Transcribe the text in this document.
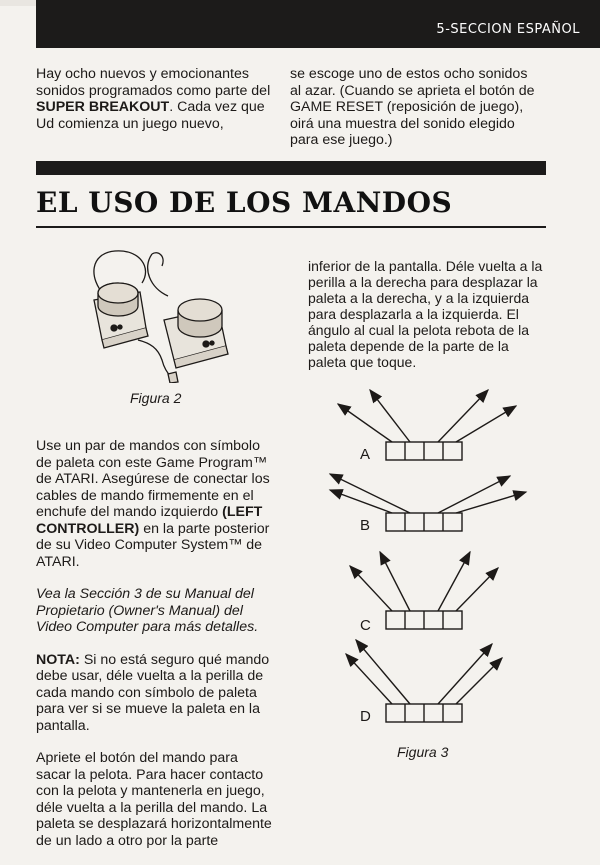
5-SECCION ESPAÑOL

Hay ocho nuevos y emocionantes sonidos programados como parte del SUPER BREAKOUT. Cada vez que Ud comienza un juego nuevo,

se escoge uno de estos ocho sonidos al azar. (Cuando se aprieta el botón de GAME RESET (reposición de juego), oirá una muestra del sonido elegido para ese juego.)

EL USO DE LOS MANDOS
Figura 2

inferior de la pantalla. Déle vuelta a la perilla a la derecha para desplazar la paleta a la derecha, y a la izquierda para desplazarla a la izquierda. El ángulo al cual la pelota rebota de la paleta depende de la parte de la paleta que toque.

Use un par de mandos con símbolo de paleta con este Game Program™ de ATARI. Asegúrese de conectar los cables de mando firmemente en el enchufe del mando izquierdo (LEFT CONTROLLER) en la parte posterior de su Video Computer System™ de ATARI.

Vea la Sección 3 de su Manual del Propietario (Owner's Manual) del Video Computer para más detalles.

NOTA: Si no está seguro qué mando debe usar, déle vuelta a la perilla de cada mando con símbolo de paleta para ver si se mueve la paleta en la pantalla.

Apriete el botón del mando para sacar la pelota. Para hacer contacto con la pelota y mantenerla en juego, déle vuelta a la perilla del mando. La paleta se desplazará horizontalmente de un lado a otro por la parte

A
B
C
D
Figura 3
